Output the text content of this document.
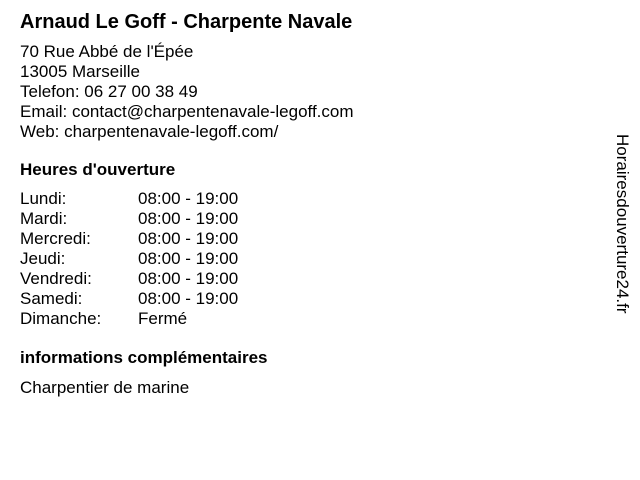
Arnaud Le Goff - Charpente Navale
70 Rue Abbé de l'Épée
13005 Marseille
Telefon: 06 27 00 38 49
Email: contact@charpentenavale-legoff.com
Web: charpentenavale-legoff.com/
Heures d'ouverture
Lundi:	08:00 - 19:00
Mardi:	08:00 - 19:00
Mercredi:	08:00 - 19:00
Jeudi:	08:00 - 19:00
Vendredi:	08:00 - 19:00
Samedi:	08:00 - 19:00
Dimanche:	Fermé
informations complémentaires
Charpentier de marine
Horairesdouverture24.fr
